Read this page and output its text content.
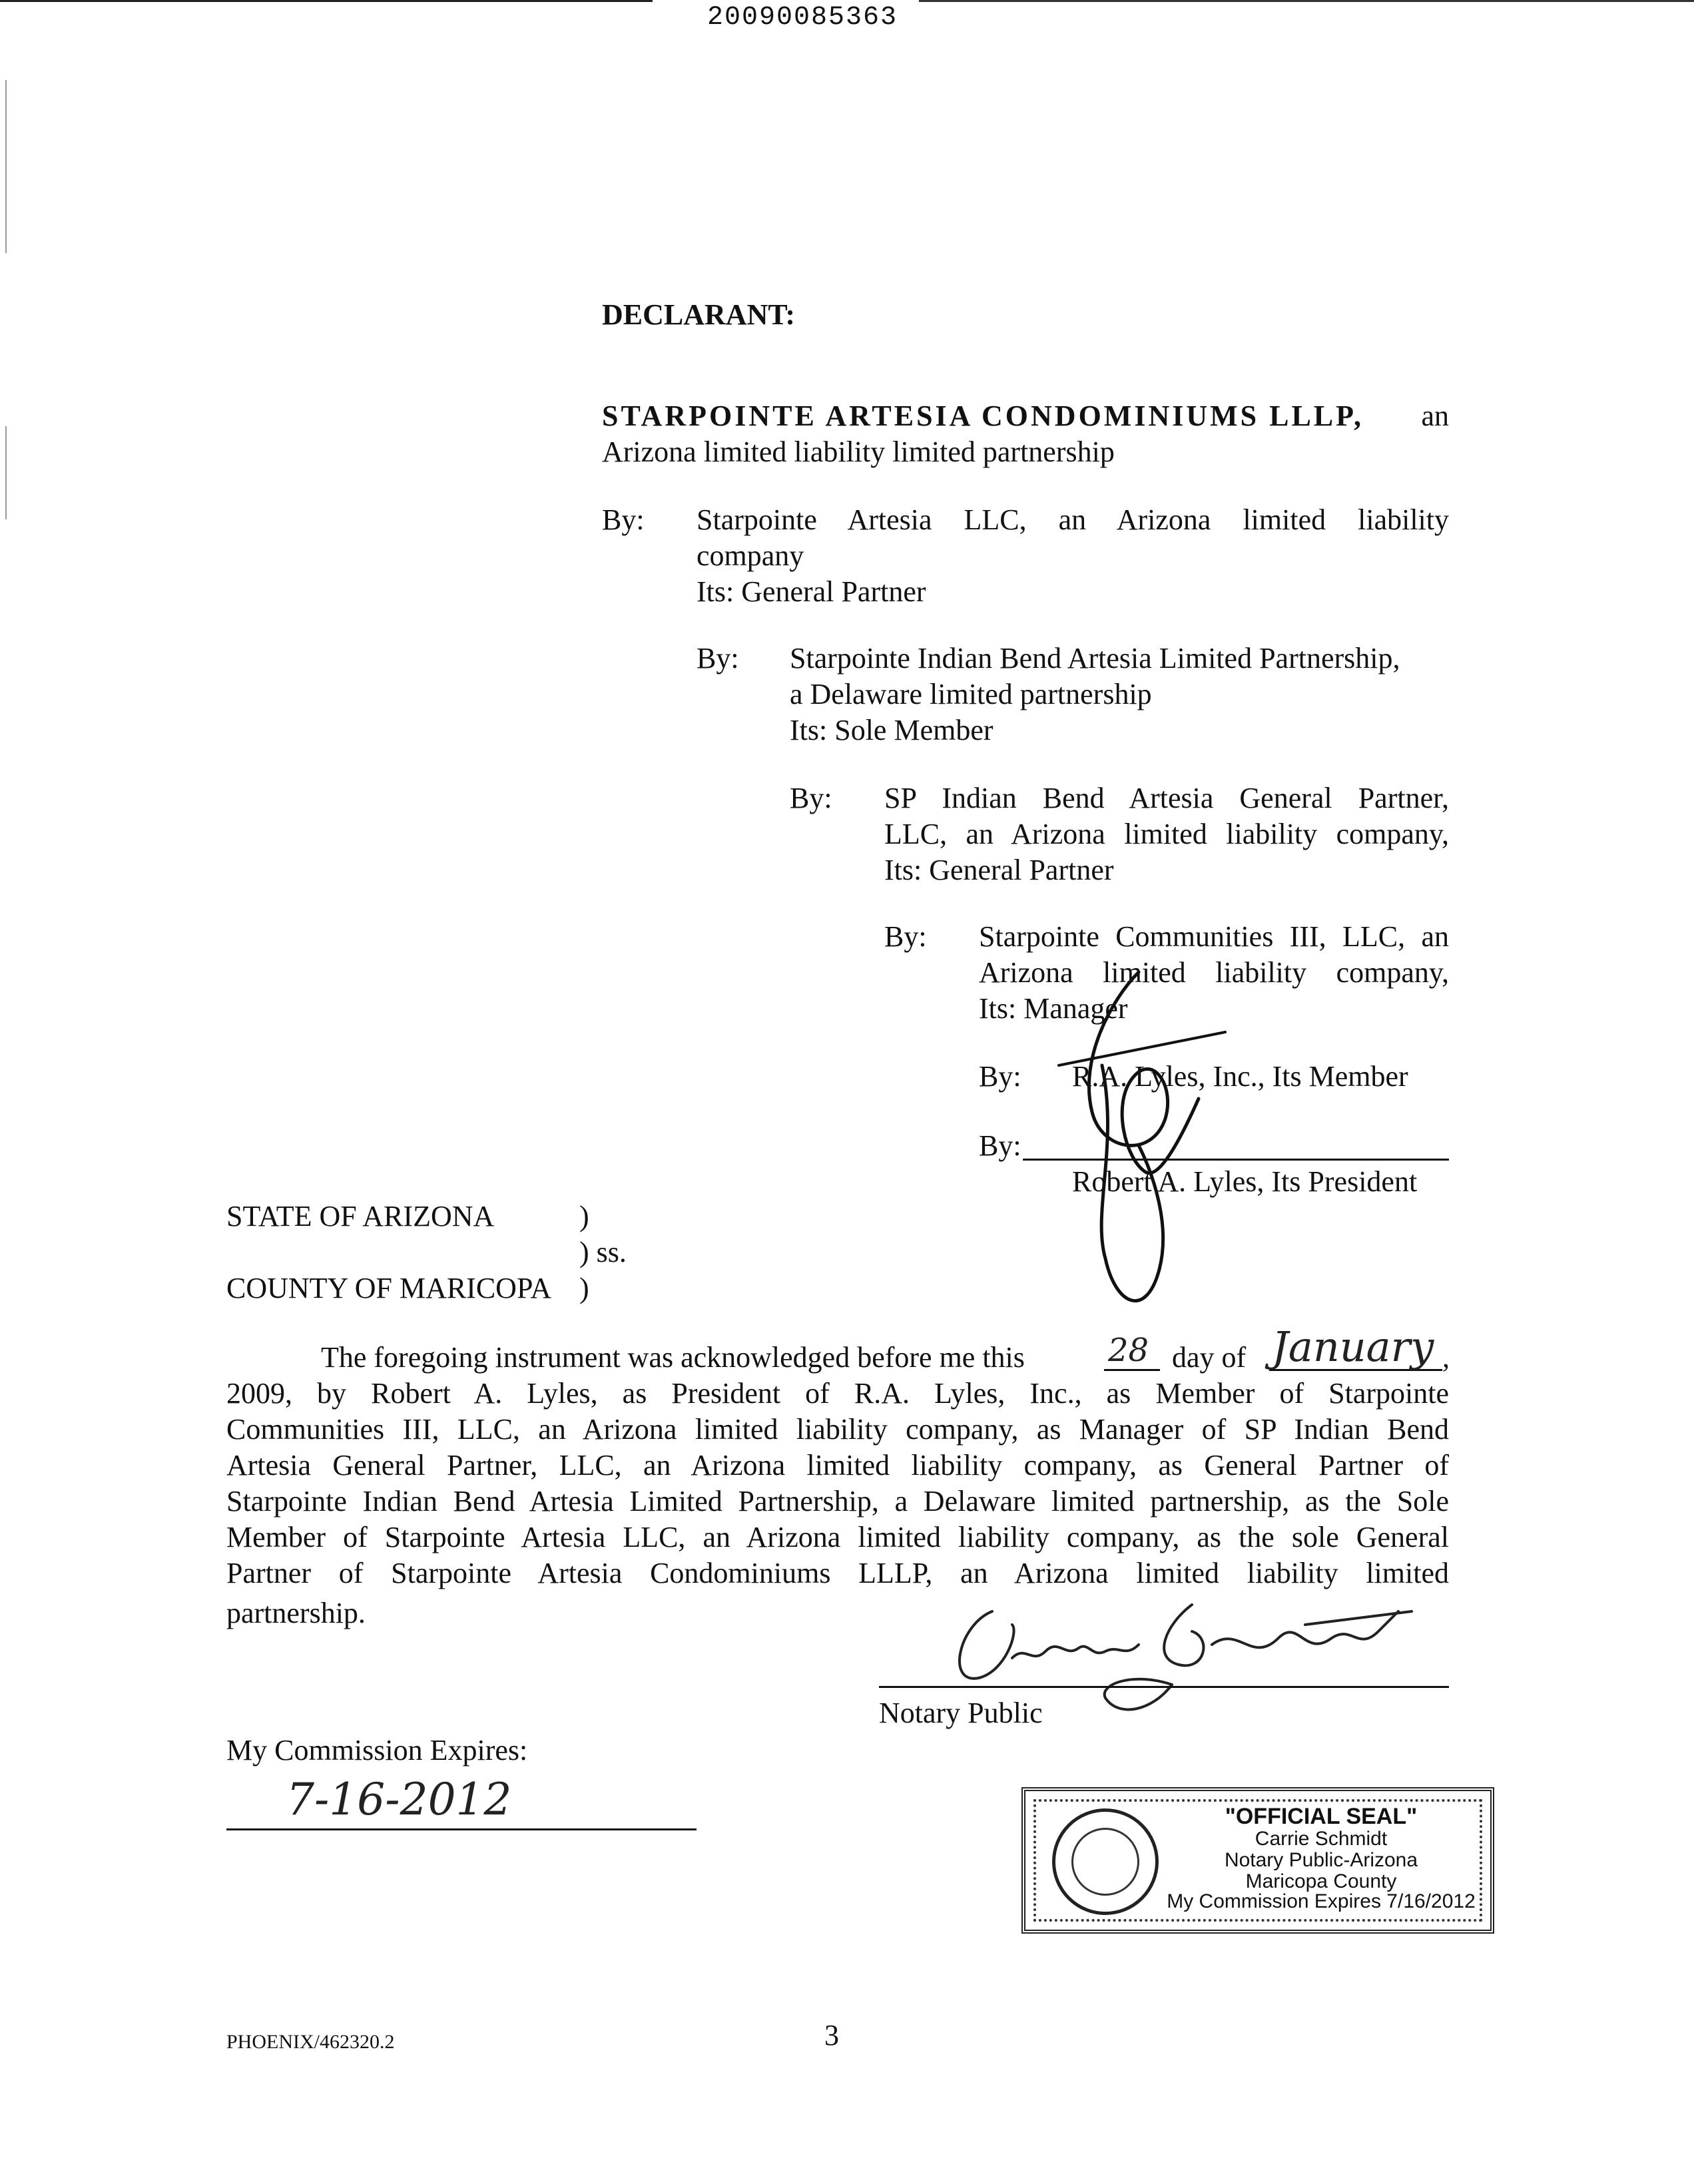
20090085363
DECLARANT:
STARPOINTE ARTESIA CONDOMINIUMS LLLP, an
Arizona limited liability limited partnership
By: Starpointe Artesia LLC, an Arizona limited liability
company
Its: General Partner
By: Starpointe Indian Bend Artesia Limited Partnership,
a Delaware limited partnership
Its: Sole Member
By: SP Indian Bend Artesia General Partner,
LLC, an Arizona limited liability company,
Its: General Partner
By: Starpointe Communities III, LLC, an
Arizona limited liability company,
Its: Manager
By: R.A. Lyles, Inc., Its Member
By:
Robert A. Lyles, Its President
STATE OF ARIZONA	)
) ss.
COUNTY OF MARICOPA )
The foregoing instrument was acknowledged before me this	28 day of January ,
2009, by Robert A. Lyles, as President of R.A. Lyles, Inc., as Member of Starpointe
Communities III, LLC, an Arizona limited liability company, as Manager of SP Indian Bend
Artesia General Partner, LLC, an Arizona limited liability company, as General Partner of
Starpointe Indian Bend Artesia Limited Partnership, a Delaware limited partnership, as the Sole
Member of Starpointe Artesia LLC, an Arizona limited liability company, as the sole General
Partner of Starpointe Artesia Condominiums LLLP, an Arizona limited liability limited
partnership.
Notary Public
My Commission Expires:
7-16-2012	"OFFICIAL SEAL"
Carrie Schmidt
Notary Public-Arizona
Maricopa County
My Commission Expires 7/16/2012
PHOENIX/462320.2	3
